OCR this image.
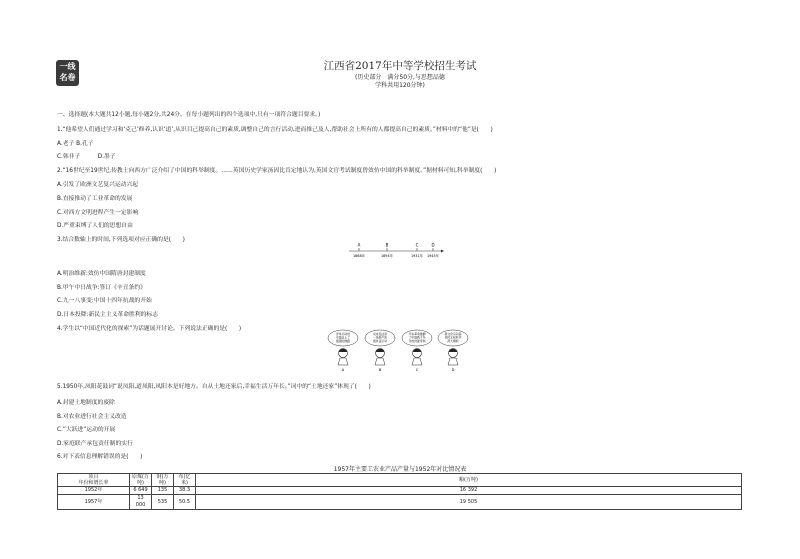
一线
名卷
江西省2017年中等学校招生考试
(历史部分　满分50分,与思想品德
学科共用120分钟)
一、选择题(本大题共12小题,每小题2分,共24分。在每小题列出的四个选项中,只有一项符合题目要求。)
1.“他希望人们通过学习和‘克己’修养,认识‘道’,从识目己提高自己的素质,调整自己的言行活动,进而推己及人,帮助社会上所有的人都提高自己的素质。”材料中的“他”是(　　)
A.老子 B.孔子
C.韩非子　　　D.墨子
2.“16世纪至19世纪,传教士向西方广泛介绍了中国的科举制度。……英国历史学家汤因比肯定地认为,英国文官考试制度曾效仿中国的科举制度。”据材料可知,科举制度(　　)
A.引发了欧洲文艺复兴运动兴起
B.直接推动了工业革命的发展
C.对西方文明进程产生一定影响
D.严重束缚了人们的思想自由
3.结合数轴上的时间,下列选项对应正确的是(　　)
A.明治维新:效仿中国隋唐封建制度
B.甲午中日战争:签订《辛丑条约》
C.九一八事变:中国十四年抗战的开始
D.日本投降:新民主主义革命胜利的标志
4.学生以“中国近代化的探索”为话题展开讨论。下列说法正确的是(　　)
5.1950年,凤阳花鼓词“说凤阳,道凤阳,凤阳本是好地方。自从土地还家后,幸福生活万年长。”词中的“土地还家”体现了(　　)
A.封建土地制度的废除
B.对农业进行社会主义改造
C.“大跃进”运动的开展
D.家庭联产承包责任制的实行
6.对下表信息理解错误的是(　　)
A
1868年
B
1894年
C
1931年
D
1945年
洋务运动使
中国走上了
富强的道路
A
戊戌变法是
一场资产阶
级改良运动
B
辛亥革命推翻
了中国两千多
年的封建帝制
C
新文化运动高
举民主和科学
两大旗帜
D
1957年主要工农业产品产量与1952年对比情况表
项目
年份和增长率	原煤(万吨)	钢(万吨)	布(亿米)	粮(万吨)
1952年	6 649	135	38.3	16 392
1957年	13 000	535	50.5	19 505
